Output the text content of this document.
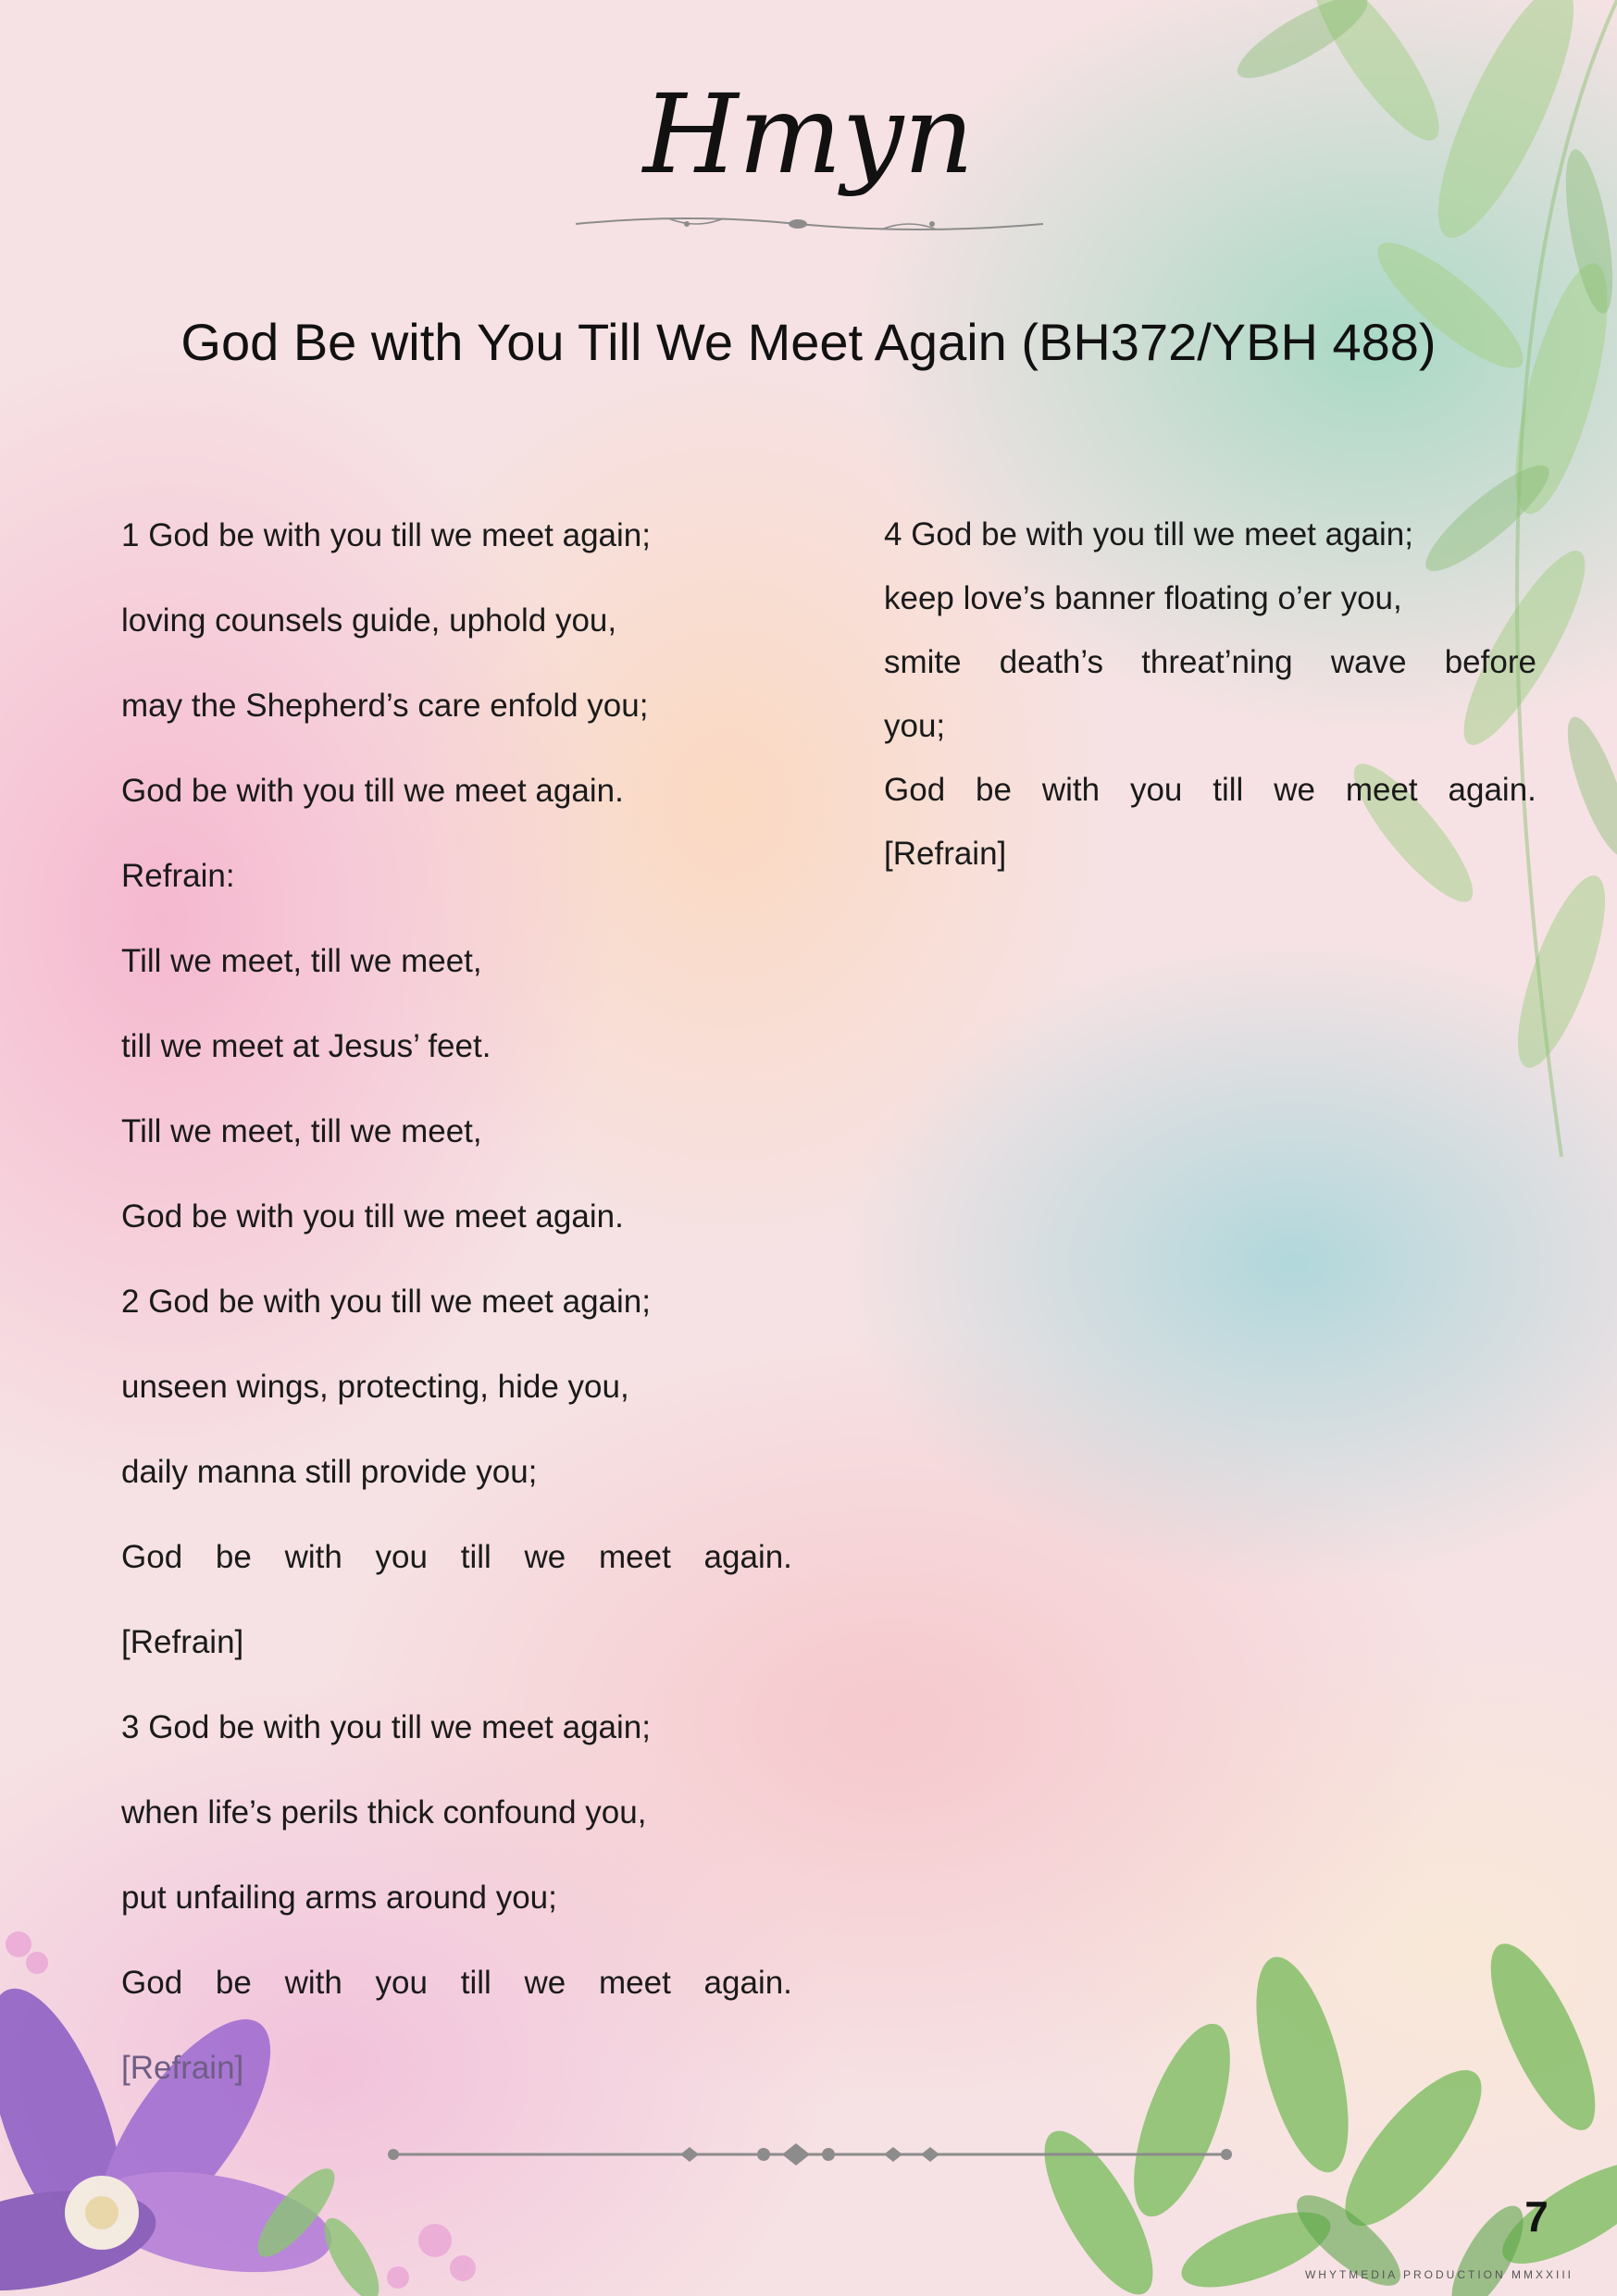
Hmyn
God Be with You Till We Meet Again (BH372/YBH 488)
1 God be with you till we meet again;
loving counsels guide, uphold you,
may the Shepherd’s care enfold you;
God be with you till we meet again.
Refrain:
Till we meet, till we meet,
till we meet at Jesus’ feet.
Till we meet, till we meet,
God be with you till we meet again.
2 God be with you till we meet again;
unseen wings, protecting, hide you,
daily manna still provide you;
God be with you till we meet again.
[Refrain]
3 God be with you till we meet again;
when life’s perils thick confound you,
put unfailing arms around you;
God be with you till we meet again.
[Refrain]
4 God be with you till we meet again;
keep love’s banner floating o’er you,
smite death’s threat’ning wave before
you;
God be with you till we meet again.
[Refrain]
7
WHYTMEDIA PRODUCTION MMXXIII
